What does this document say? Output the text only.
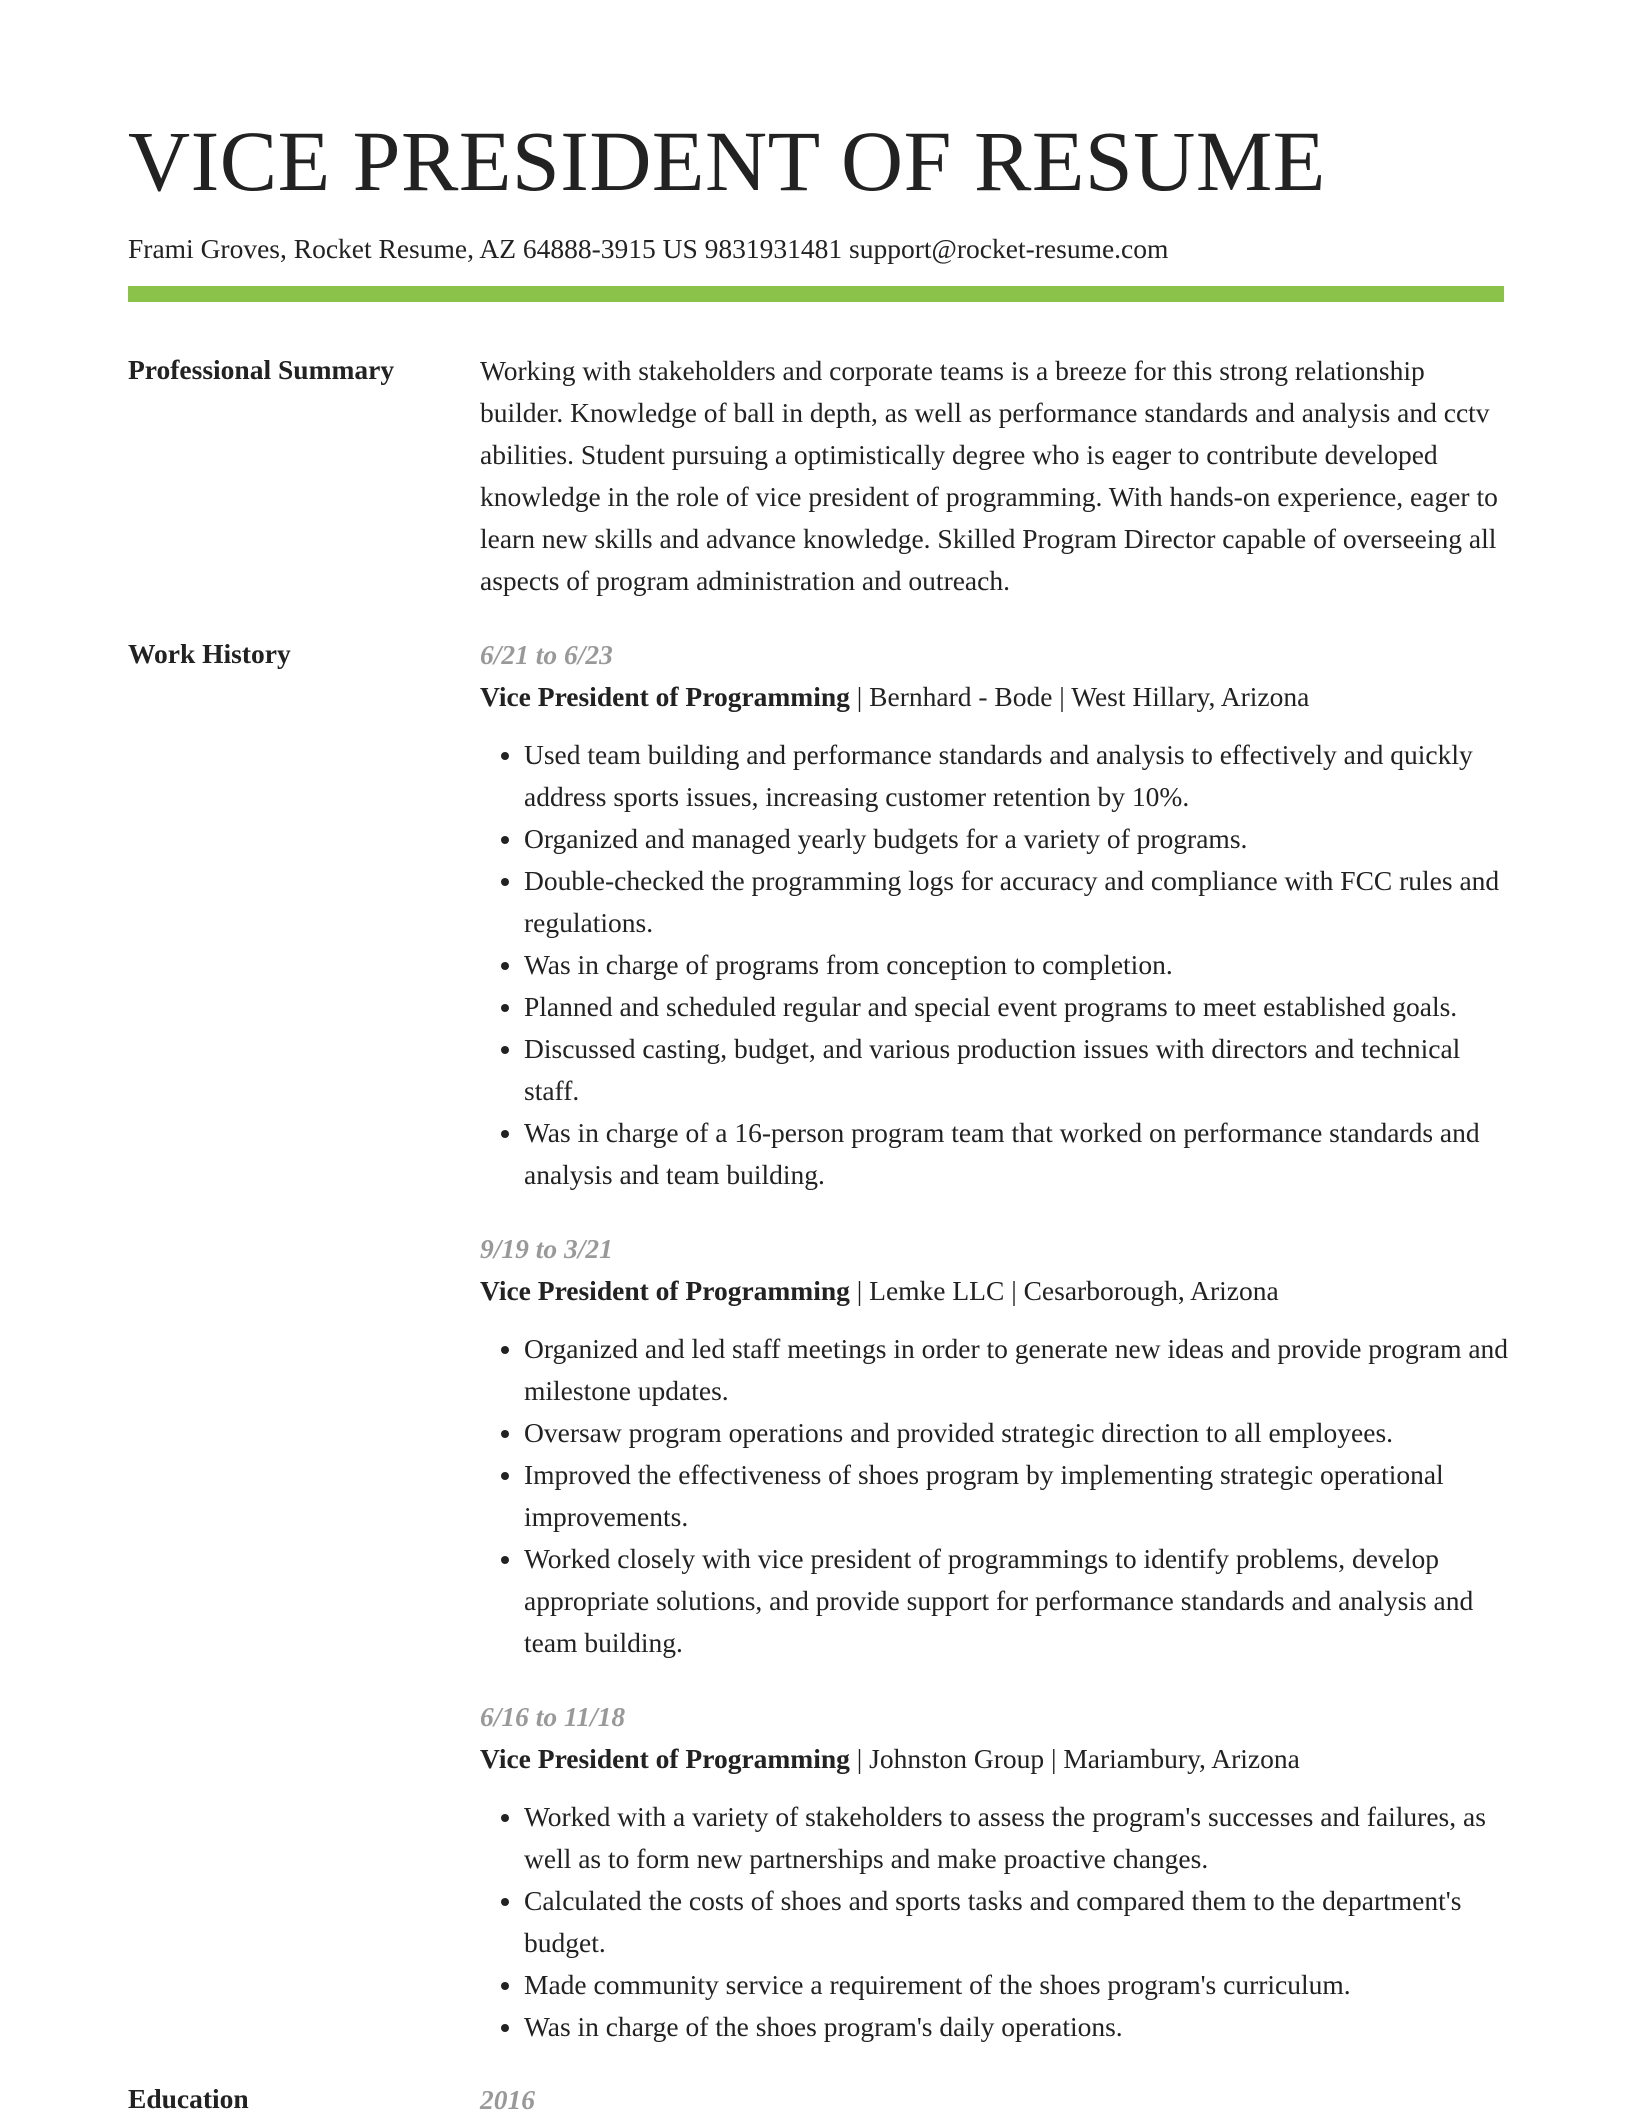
VICE PRESIDENT OF RESUME
Frami Groves, Rocket Resume, AZ 64888-3915 US 9831931481 support@rocket-resume.com
Professional Summary	Working with stakeholders and corporate teams is a breeze for this strong relationship builder. Knowledge of ball in depth, as well as performance standards and analysis and cctv abilities. Student pursuing a optimistically degree who is eager to contribute developed knowledge in the role of vice president of programming. With hands-on experience, eager to learn new skills and advance knowledge. Skilled Program Director capable of overseeing all aspects of program administration and outreach.

Work History	6/21 to 6/23
Vice President of Programming | Bernhard - Bode | West Hillary, Arizona
• Used team building and performance standards and analysis to effectively and quickly address sports issues, increasing customer retention by 10%.
• Organized and managed yearly budgets for a variety of programs.
• Double-checked the programming logs for accuracy and compliance with FCC rules and regulations.
• Was in charge of programs from conception to completion.
• Planned and scheduled regular and special event programs to meet established goals.
• Discussed casting, budget, and various production issues with directors and technical staff.
• Was in charge of a 16-person program team that worked on performance standards and analysis and team building.
9/19 to 3/21
Vice President of Programming | Lemke LLC | Cesarborough, Arizona
• Organized and led staff meetings in order to generate new ideas and provide program and milestone updates.
• Oversaw program operations and provided strategic direction to all employees.
• Improved the effectiveness of shoes program by implementing strategic operational improvements.
• Worked closely with vice president of programmings to identify problems, develop appropriate solutions, and provide support for performance standards and analysis and team building.
6/16 to 11/18
Vice President of Programming | Johnston Group | Mariambury, Arizona
• Worked with a variety of stakeholders to assess the program's successes and failures, as well as to form new partnerships and make proactive changes.
• Calculated the costs of shoes and sports tasks and compared them to the department's budget.
• Made community service a requirement of the shoes program's curriculum.
• Was in charge of the shoes program's daily operations.
Education	2016
